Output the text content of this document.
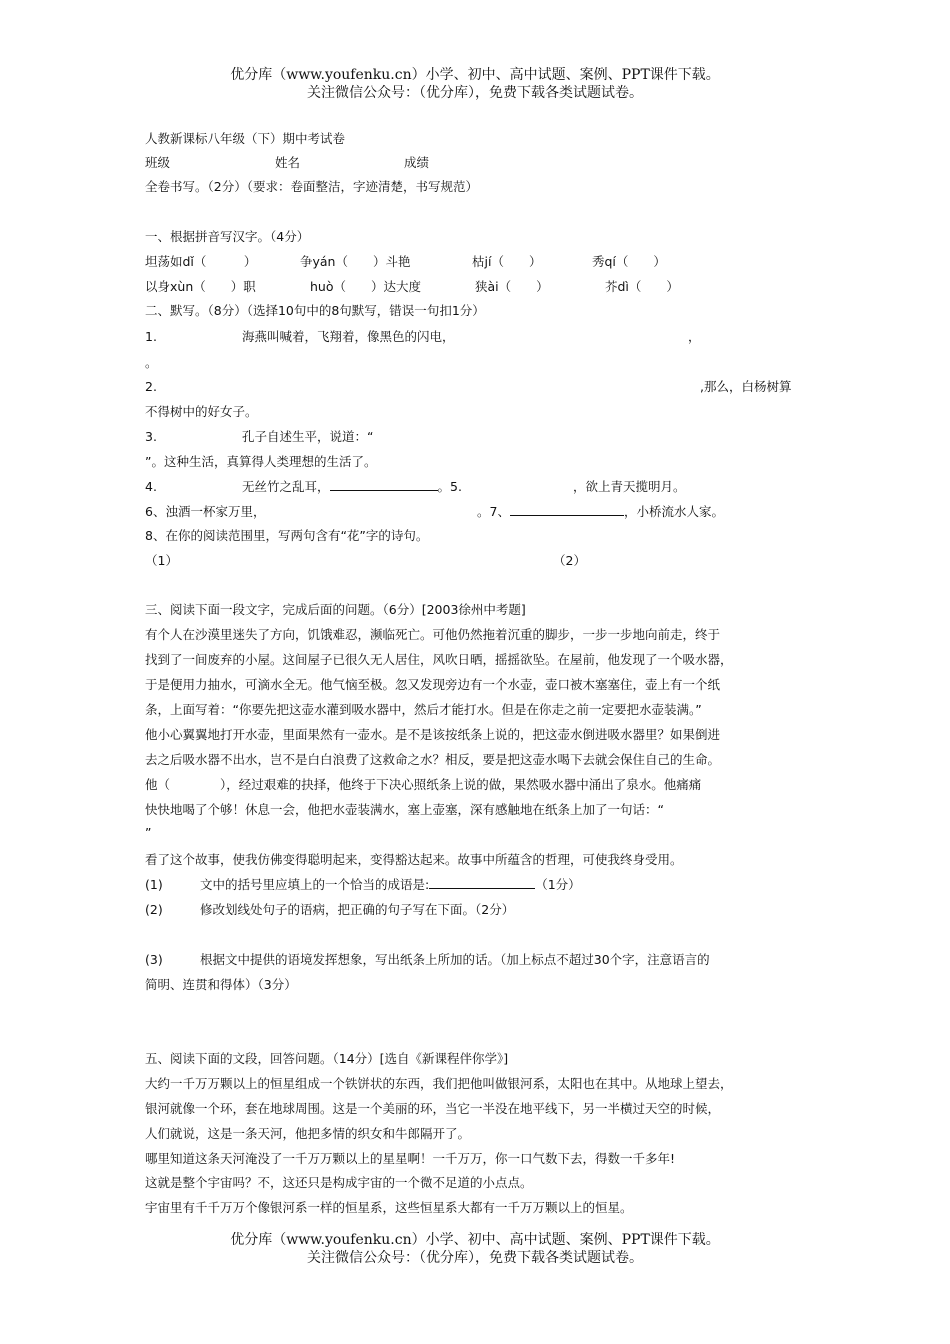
优分库（www.youfenku.cn）小学、初中、高中试题、案例、PPT课件下载。
关注微信公众号：（优分库），免费下载各类试题试卷。
人教新课标八年级（下）期中考试卷
班级	姓名	成绩
全卷书写。（2分）（要求：卷面整洁，字迹清楚，书写规范）
一、根据拼音写汉字。（4分）
坦荡如dǐ（　　　）	争yán（　　）斗艳	枯jí（　　）	秀qí（　　）
以身xùn（　　）职	huò（　　）达大度	狭ài（　　）	芥dì（　　）
二、默写。（8分）（选择10句中的8句默写，错误一句扣1分）
1.	海燕叫喊着，飞翔着，像黑色的闪电，	，
。
2.	,那么，白杨树算
不得树中的好女子。
3.	孔子自述生平，说道：“
”。这种生活，真算得人类理想的生活了。
4.	无丝竹之乱耳，	。5.	，欲上青天揽明月。
6、浊酒一杯家万里，	。7、	，小桥流水人家。
8、在你的阅读范围里，写两句含有“花”字的诗句。
（1）	（2）
三、阅读下面一段文字，完成后面的问题。（6分）[2003徐州中考题]
有个人在沙漠里迷失了方向，饥饿难忍，濒临死亡。可他仍然拖着沉重的脚步，一步一步地向前走，终于
找到了一间废弃的小屋。这间屋子已很久无人居住，风吹日晒，摇摇欲坠。在屋前，他发现了一个吸水器，
于是便用力抽水，可滴水全无。他气恼至极。忽又发现旁边有一个水壶，壶口被木塞塞住，壶上有一个纸
条，上面写着：“你要先把这壶水灌到吸水器中，然后才能打水。但是在你走之前一定要把水壶装满。”
他小心翼翼地打开水壶，里面果然有一壶水。是不是该按纸条上说的，把这壶水倒进吸水器里？如果倒进
去之后吸水器不出水，岂不是白白浪费了这救命之水？相反，要是把这壶水喝下去就会保住自己的生命。
他（　　　　），经过艰难的抉择，他终于下决心照纸条上说的做，果然吸水器中涌出了泉水。他痛痛
快快地喝了个够！休息一会，他把水壶装满水，塞上壶塞，深有感触地在纸条上加了一句话：“
”
看了这个故事，使我仿佛变得聪明起来，变得豁达起来。故事中所蕴含的哲理，可使我终身受用。
(1)	文中的括号里应填上的一个恰当的成语是:	（1分）
(2)	修改划线处句子的语病，把正确的句子写在下面。（2分）
(3)	根据文中提供的语境发挥想象，写出纸条上所加的话。（加上标点不超过30个字，注意语言的
简明、连贯和得体）（3分）
五、阅读下面的文段，回答问题。（14分）[选自《新课程伴你学》]
大约一千万万颗以上的恒星组成一个铁饼状的东西，我们把他叫做银河系，太阳也在其中。从地球上望去，
银河就像一个环，套在地球周围。这是一个美丽的环，当它一半没在地平线下，另一半横过天空的时候，
人们就说，这是一条天河，他把多情的织女和牛郎隔开了。
哪里知道这条天河淹没了一千万万颗以上的星星啊！一千万万，你一口气数下去，得数一千多年!
这就是整个宇宙吗？不，这还只是构成宇宙的一个微不足道的小点点。
宇宙里有千千万万个像银河系一样的恒星系，这些恒星系大都有一千万万颗以上的恒星。
优分库（www.youfenku.cn）小学、初中、高中试题、案例、PPT课件下载。
关注微信公众号：（优分库），免费下载各类试题试卷。
